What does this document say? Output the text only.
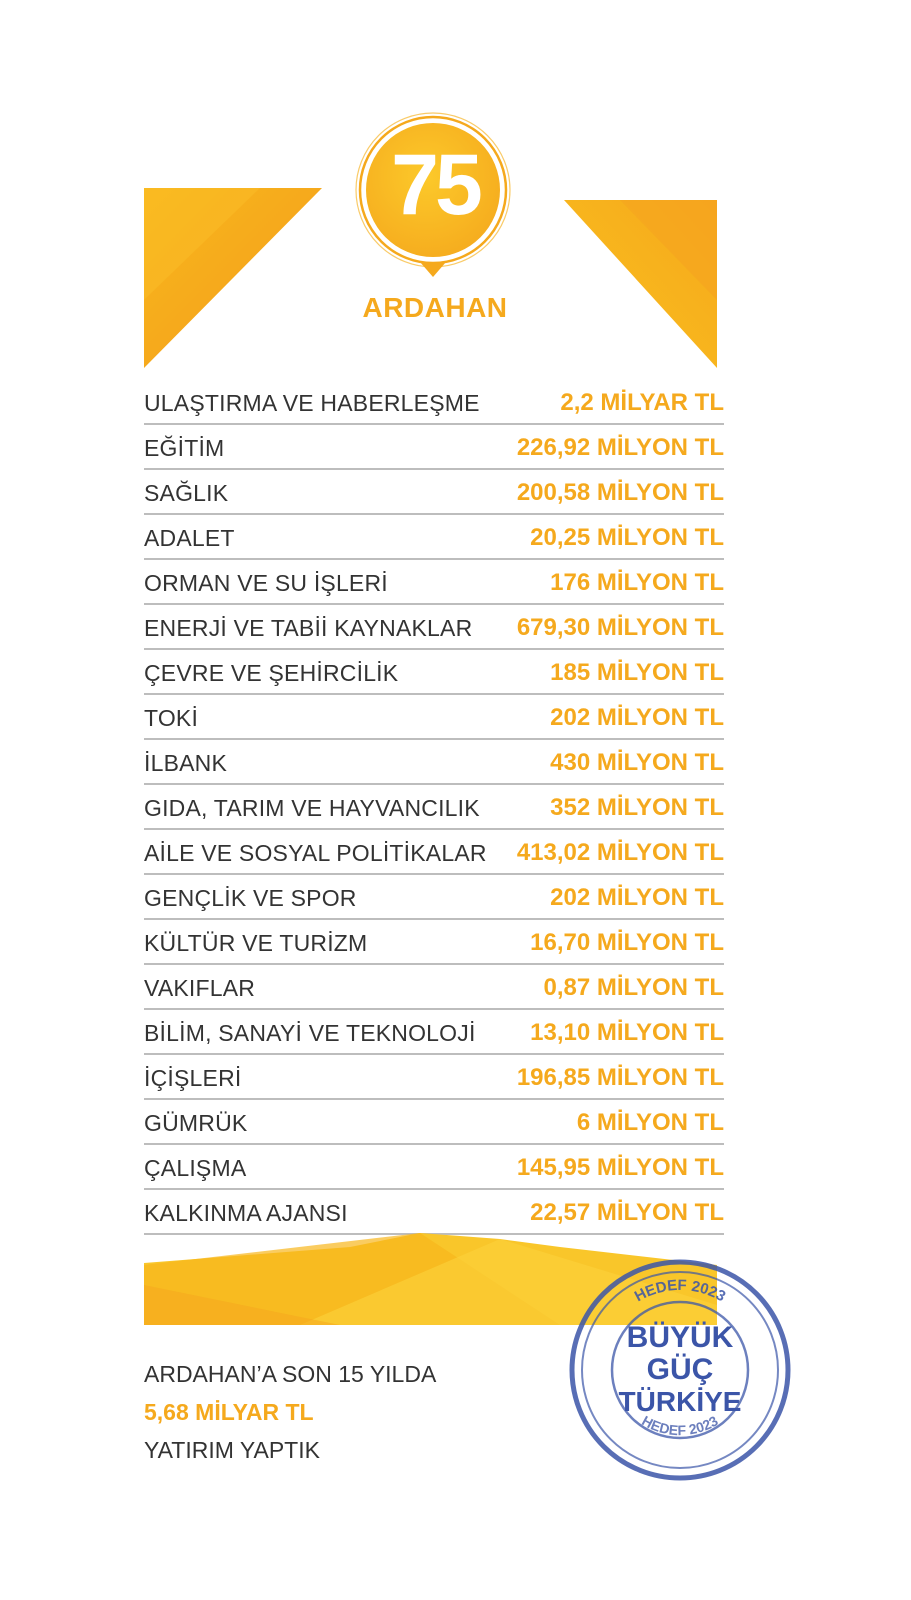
75
ARDAHAN
ULAŞTIRMA VE HABERLEŞME	2,2 MİLYAR TL
EĞİTİM	226,92 MİLYON TL
SAĞLIK	200,58 MİLYON TL
ADALET	20,25 MİLYON TL
ORMAN VE SU İŞLERİ	176 MİLYON TL
ENERJİ VE TABİİ KAYNAKLAR 679,30 MİLYON TL
ÇEVRE VE ŞEHİRCİLİK	185 MİLYON TL
TOKİ	202 MİLYON TL
İLBANK	430 MİLYON TL
GIDA, TARIM VE HAYVANCILIK	352 MİLYON TL
AİLE VE SOSYAL POLİTİKALAR 413,02 MİLYON TL
GENÇLİK VE SPOR	202 MİLYON TL
KÜLTÜR VE TURİZM	16,70 MİLYON TL
VAKIFLAR	0,87 MİLYON TL
BİLİM, SANAYİ VE TEKNOLOJİ 13,10 MİLYON TL
İÇİŞLERİ	196,85 MİLYON TL
GÜMRÜK	6 MİLYON TL
ÇALIŞMA	145,95 MİLYON TL
KALKINMA AJANSI	22,57 MİLYON TL
ARDAHAN’A SON 15 YILDA
5,68 MİLYAR TL
YATIRIM YAPTIK
HEDEF 2023
HEDEF 2023
BÜYÜK
GÜÇ
TÜRKİYE
